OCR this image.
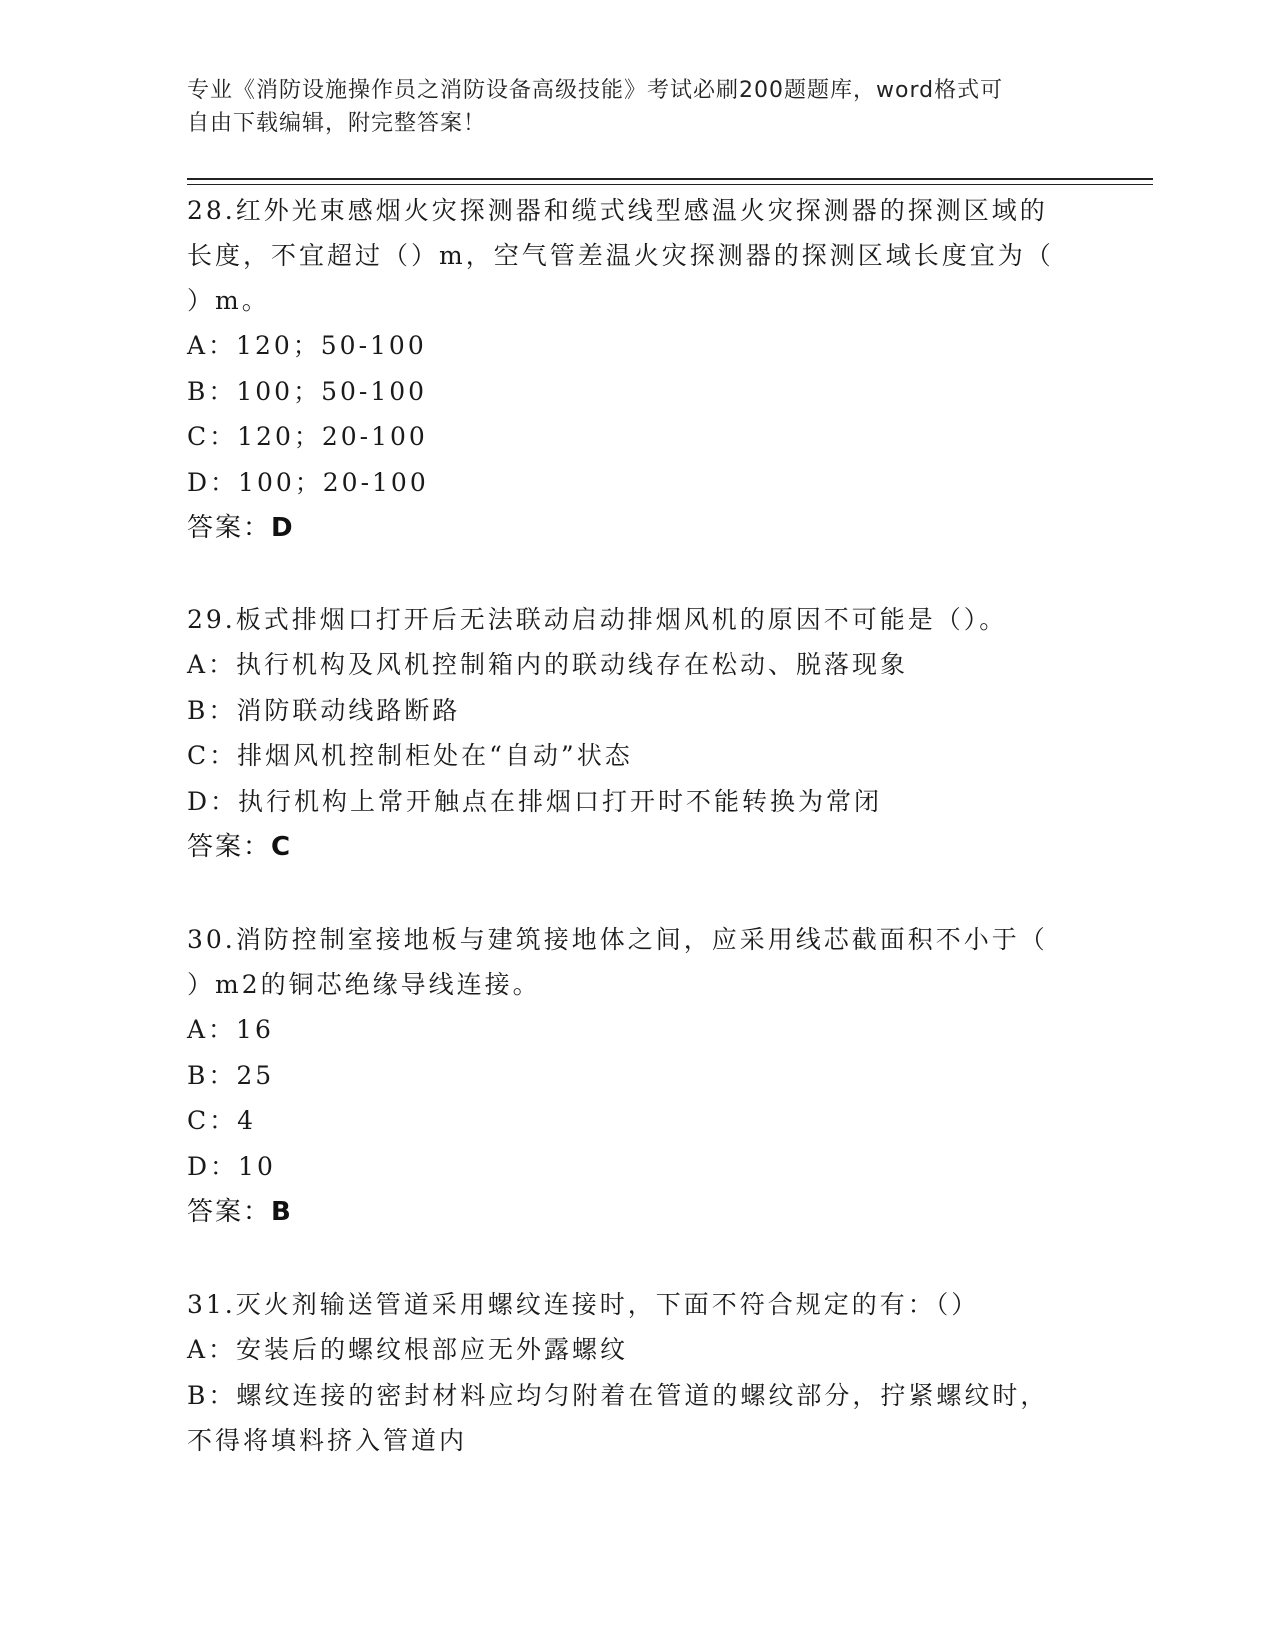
专业《消防设施操作员之消防设备高级技能》考试必刷200题题库，word格式可
自由下载编辑，附完整答案！
28.红外光束感烟火灾探测器和缆式线型感温火灾探测器的探测区域的
长度，不宜超过（）m，空气管差温火灾探测器的探测区域长度宜为（
）m。
A：120；50-100
B：100；50-100
C：120；20-100
D：100；20-100
答案：D
29.板式排烟口打开后无法联动启动排烟风机的原因不可能是（）。
A：执行机构及风机控制箱内的联动线存在松动、脱落现象
B：消防联动线路断路
C：排烟风机控制柜处在“自动”状态
D：执行机构上常开触点在排烟口打开时不能转换为常闭
答案：C
30.消防控制室接地板与建筑接地体之间，应采用线芯截面积不小于（
）m2的铜芯绝缘导线连接。
A：16
B：25
C：4
D：10
答案：B
31.灭火剂输送管道采用螺纹连接时，下面不符合规定的有：（）
A：安装后的螺纹根部应无外露螺纹
B：螺纹连接的密封材料应均匀附着在管道的螺纹部分，拧紧螺纹时，
不得将填料挤入管道内
